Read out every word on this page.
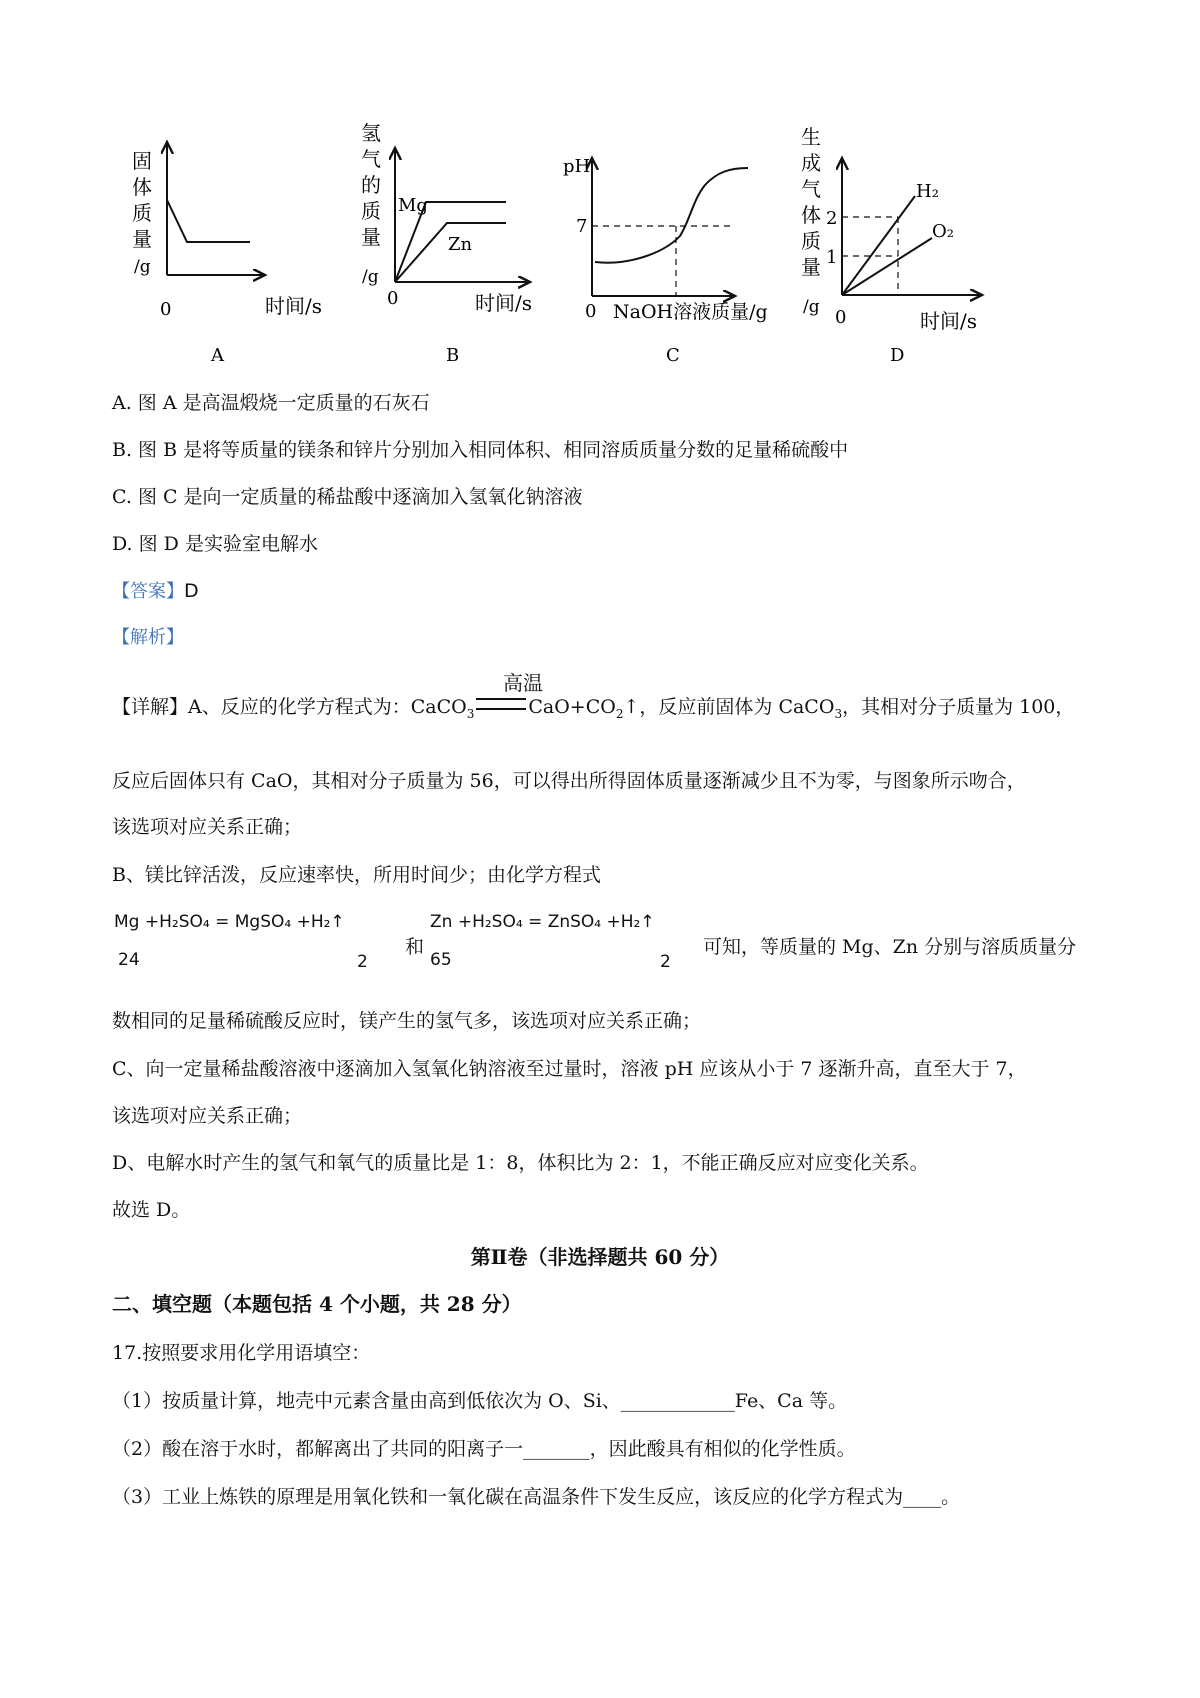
固
体
质
量
/g
0	时间/s
A
氢
气
的
质
量
/g
Mg
Zn
0	时间/s
B
pH
7
0 NaOH溶液质量/g
C
生
成
气
体
质
量
/g
2
1
H₂
O₂
0	时间/s
D
A. 图 A 是高温煅烧一定质量的石灰石
B. 图 B 是将等质量的镁条和锌片分别加入相同体积、相同溶质质量分数的足量稀硫酸中
C. 图 C 是向一定质量的稀盐酸中逐滴加入氢氧化钠溶液
D. 图 D 是实验室电解水
【答案】D
【解析】
高温
【详解】A、反应的化学方程式为：CaCO$_3$	$CaO+CO_2↑$，反应前固体为 CaCO$_3$，其相对分子质量为 100，
反应后固体只有 CaO，其相对分子质量为 56，可以得出所得固体质量逐渐减少且不为零，与图象所示吻合，
该选项对应关系正确；
B、镁比锌活泼，反应速率快，所用时间少；由化学方程式
Mg +H₂SO₄ = MgSO₄ +H₂↑
24	2
和
Zn +H₂SO₄ = ZnSO₄ +H₂↑
65	2
可知，等质量的 Mg、Zn 分别与溶质质量分
数相同的足量稀硫酸反应时，镁产生的氢气多，该选项对应关系正确；
C、向一定量稀盐酸溶液中逐滴加入氢氧化钠溶液至过量时，溶液 pH 应该从小于 7 逐渐升高，直至大于 7，
该选项对应关系正确；
D、电解水时产生的氢气和氧气的质量比是 1：8，体积比为 2：1，不能正确反应对应变化关系。
故选 D。
第Ⅱ卷（非选择题共 60 分）
二、填空题（本题包括 4 个小题，共 28 分）
17.按照要求用化学用语填空：
（1）按质量计算，地壳中元素含量由高到低依次为 O、Si、____________Fe、Ca 等。
（2）酸在溶于水时，都解离出了共同的阳离子一_______，因此酸具有相似的化学性质。
（3）工业上炼铁的原理是用氧化铁和一氧化碳在高温条件下发生反应，该反应的化学方程式为____。
